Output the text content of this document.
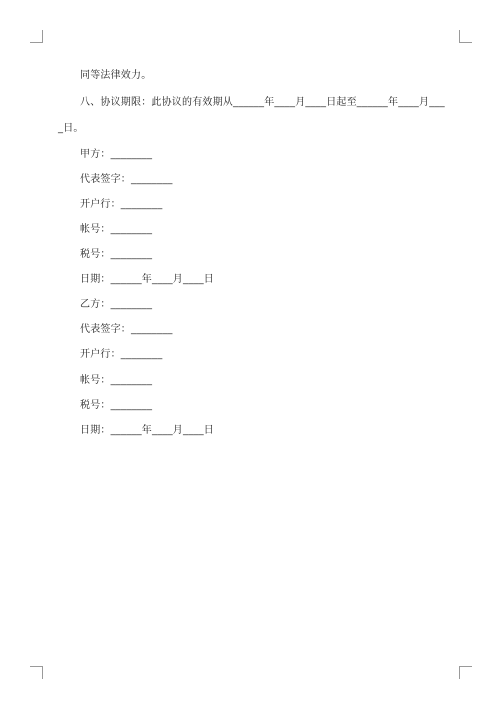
同等法律效力。
八、协议期限：此协议的有效期从______年____月____日起至______年____月___
_日。
甲方：________
代表签字：________
开户行：________
帐号：________
税号：________
日期：______年____月____日
乙方：________
代表签字：________
开户行：________
帐号：________
税号：________
日期：______年____月____日
